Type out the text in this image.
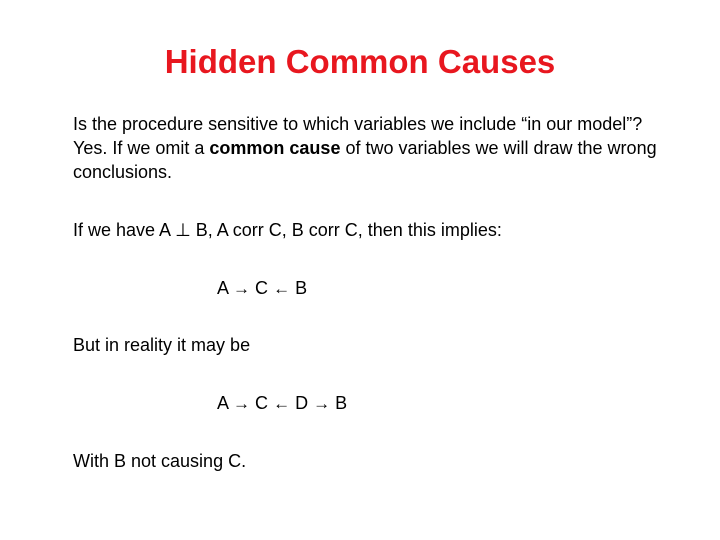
Hidden Common Causes
Is the procedure sensitive to which variables we include “in our model”? Yes. If we omit a common cause of two variables we will draw the wrong conclusions.
If we have A ⊥ B, A corr C, B corr C, then this implies:
A → C ← B
But in reality it may be
A → C ← D → B
With B not causing C.
